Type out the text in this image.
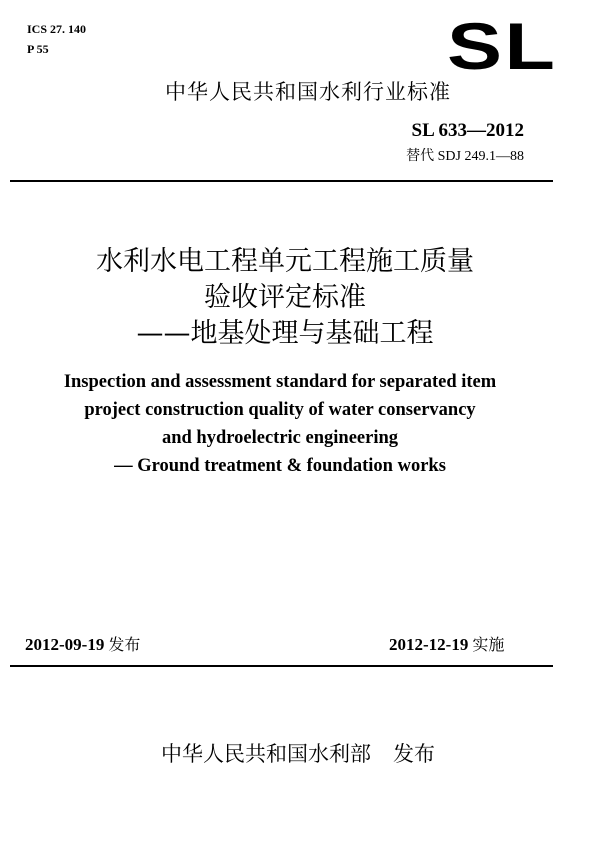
ICS 27. 140
P 55	SL
中华人民共和国水利行业标准
SL 633—2012
替代 SDJ 249.1—88
水利水电工程单元工程施工质量
验收评定标准
——地基处理与基础工程
Inspection and assessment standard for separated item
project construction quality of water conservancy
and hydroelectric engineering
— Ground treatment & foundation works
2012-09-19 发布	2012-12-19 实施
中华人民共和国水利部 发布
